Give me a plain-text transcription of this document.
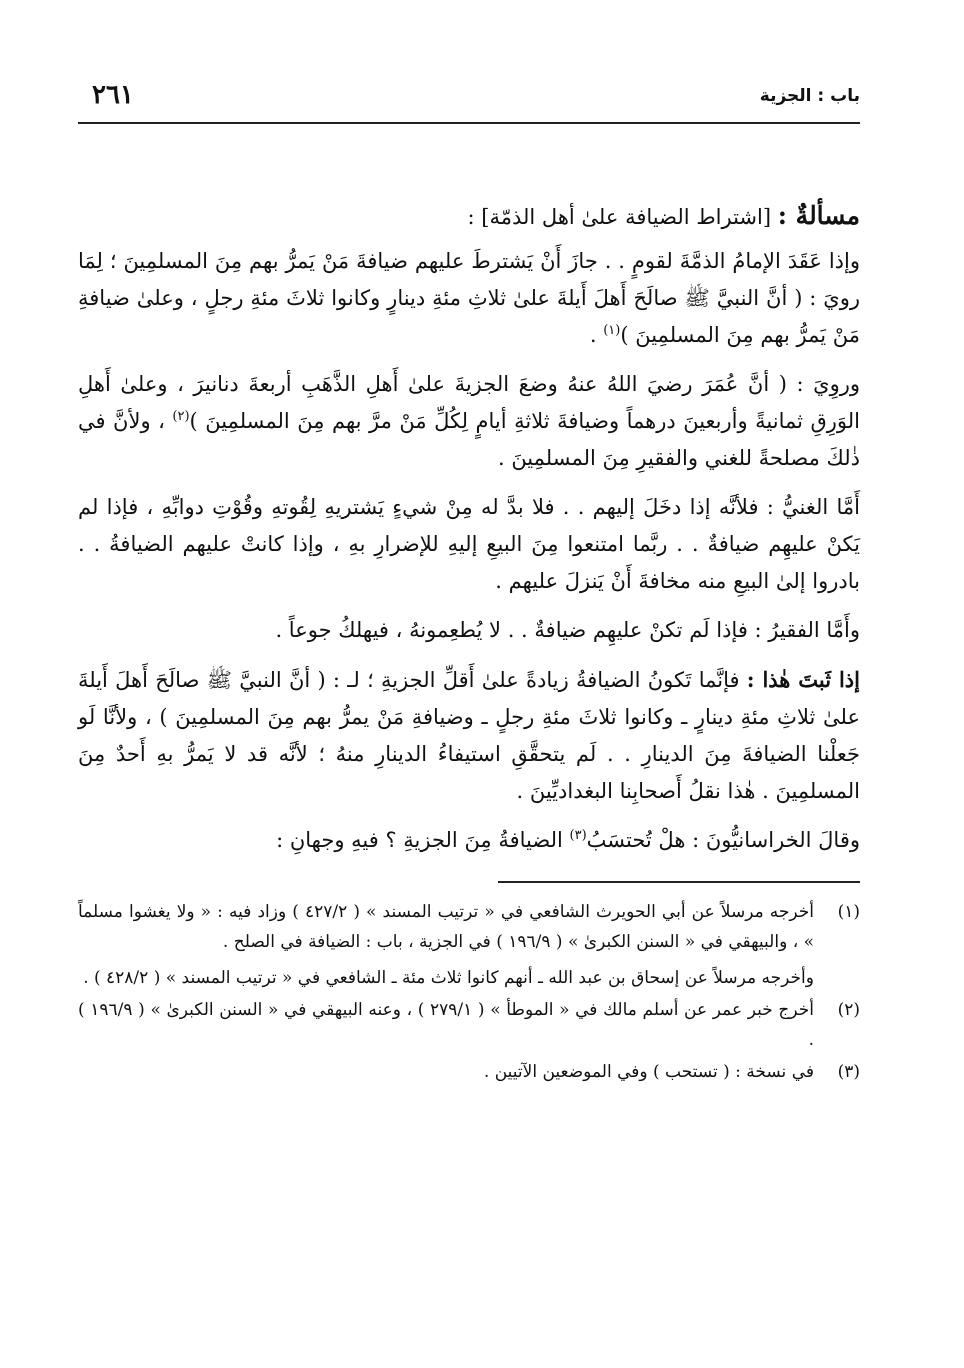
باب : الجزية
٢٦١
مسألةٌ : [اشتراط الضيافة علىٰ أهل الذمّة] :

وإذا عَقَدَ الإمامُ الذمَّةَ لقومٍ . . جازَ أَنْ يَشترطَ عليهم ضيافةَ مَنْ يَمرُّ بهم مِنَ المسلمِينَ ؛ لِمَا رويَ : ( أنَّ النبيَّ ﷺ صالَحَ أَهلَ أَيلةَ علىٰ ثلاثِ مئةِ دينارٍ وكانوا ثلاثَ مئةِ رجلٍ ، وعلىٰ ضيافةِ مَنْ يَمرُّ بهم مِنَ المسلمِينَ )$^{(١)}$ .

وروِيَ : ( أنَّ عُمَرَ رضيَ اللهُ عنهُ وضعَ الجزيةَ علىٰ أَهلِ الذَّهَبِ أربعةَ دنانيرَ ، وعلىٰ أَهلِ الوَرِقِ ثمانيةً وأربعينَ درهماً وضيافةَ ثلاثةِ أيامٍ لِكُلِّ مَنْ مرَّ بهم مِنَ المسلمِينَ )$^{(٢)}$ ، ولأنَّ في ذٰلكَ مصلحةً للغني والفقيرِ مِنَ المسلمِينَ .

أَمَّا الغنيُّ : فلأنَّه إذا دخَلَ إليهم . . فلا بدَّ له مِنْ شيءٍ يَشتريهِ لِقُوتهِ وقُوْتِ دوابِّهِ ، فإذا لم يَكنْ عليهِم ضيافةٌ . . ربَّما امتنعوا مِنَ البيعِ إليهِ للإضرارِ بهِ ، وإذا كانتْ عليهم الضيافةُ . . بادروا إلىٰ البيعِ منه مخافةَ أَنْ يَنزلَ عليهم .

وأَمَّا الفقيرُ : فإذا لَم تكنْ عليهِم ضيافةٌ . . لا يُطعِمونهُ ، فيهلكُ جوعاً .

إذا ثَبتَ هٰذا : فإنَّما تَكونُ الضيافةُ زيادةً علىٰ أَقلِّ الجزيةِ ؛ لـ : ( أنَّ النبيَّ ﷺ صالَحَ أَهلَ أَيلةَ علىٰ ثلاثِ مئةِ دينارٍ ـ وكانوا ثلاثَ مئةِ رجلٍ ـ وضيافةِ مَنْ يمرُّ بهم مِنَ المسلمِينَ ) ، ولأنَّا لَو جَعلْنا الضيافةَ مِنَ الدينارِ . . لَم يتحقَّقِ استيفاءُ الدينارِ منهُ ؛ لأنَّه قد لا يَمرُّ بهِ أَحدٌ مِنَ المسلمِينَ . هٰذا نقلُ أَصحابِنا البغداديِّينَ .

وقالَ الخراسانيُّونَ : هلْ تُحتسَبُ$^{(٣)}$ الضيافةُ مِنَ الجزيةِ ؟ فيهِ وجهانِ :

(١)
أخرجه مرسلاً عن أبي الحويرث الشافعي في « ترتيب المسند » ( ٤٢٧/٢ ) وزاد فيه : « ولا يغشوا مسلماً » ، والبيهقي في « السنن الكبرىٰ » ( ١٩٦/٩ ) في الجزية ، باب : الضيافة في الصلح .
وأخرجه مرسلاً عن إسحاق بن عبد الله ـ أنهم كانوا ثلاث مئة ـ الشافعي في « ترتيب المسند » ( ٤٢٨/٢ ) .
(٢)
أخرج خبر عمر عن أسلم مالك في « الموطأ » ( ٢٧٩/١ ) ، وعنه البيهقي في « السنن الكبرىٰ » ( ١٩٦/٩ ) .
(٣)
في نسخة : ( تستحب ) وفي الموضعين الآتيين .
